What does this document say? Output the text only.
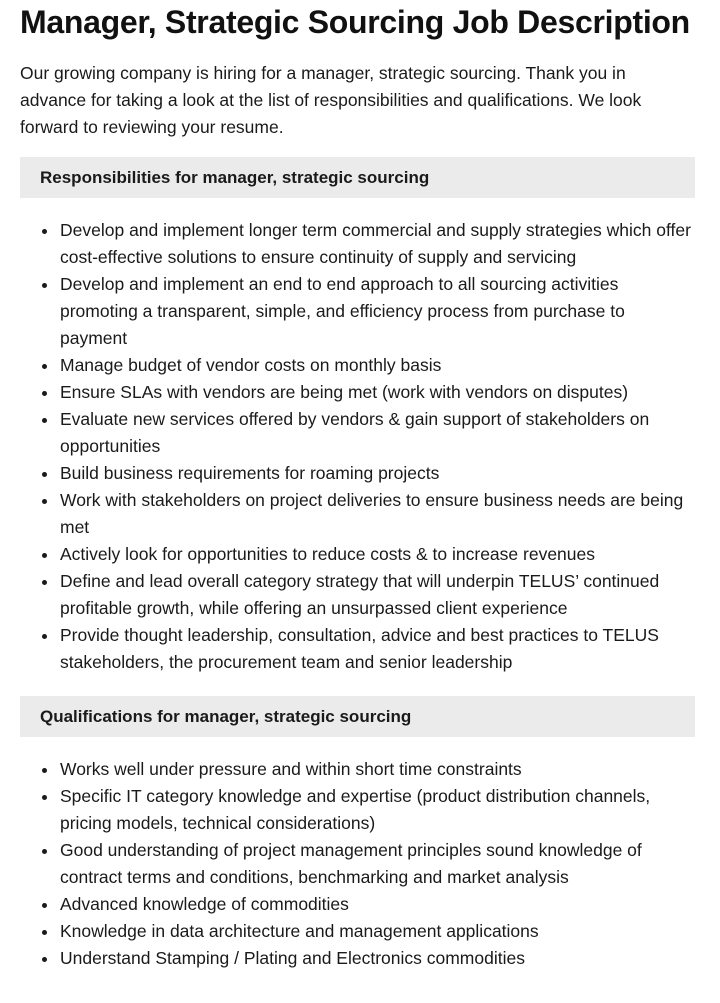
Manager, Strategic Sourcing Job Description

Our growing company is hiring for a manager, strategic sourcing. Thank you in advance for taking a look at the list of responsibilities and qualifications. We look forward to reviewing your resume.

Responsibilities for manager, strategic sourcing
Develop and implement longer term commercial and supply strategies which offer cost-effective solutions to ensure continuity of supply and servicing
Develop and implement an end to end approach to all sourcing activities promoting a transparent, simple, and efficiency process from purchase to payment
Manage budget of vendor costs on monthly basis
Ensure SLAs with vendors are being met (work with vendors on disputes)
Evaluate new services offered by vendors & gain support of stakeholders on opportunities
Build business requirements for roaming projects
Work with stakeholders on project deliveries to ensure business needs are being met
Actively look for opportunities to reduce costs & to increase revenues
Define and lead overall category strategy that will underpin TELUS’ continued profitable growth, while offering an unsurpassed client experience
Provide thought leadership, consultation, advice and best practices to TELUS stakeholders, the procurement team and senior leadership
Qualifications for manager, strategic sourcing
Works well under pressure and within short time constraints
Specific IT category knowledge and expertise (product distribution channels, pricing models, technical considerations)
Good understanding of project management principles sound knowledge of contract terms and conditions, benchmarking and market analysis
Advanced knowledge of commodities
Knowledge in data architecture and management applications
Understand Stamping / Plating and Electronics commodities
